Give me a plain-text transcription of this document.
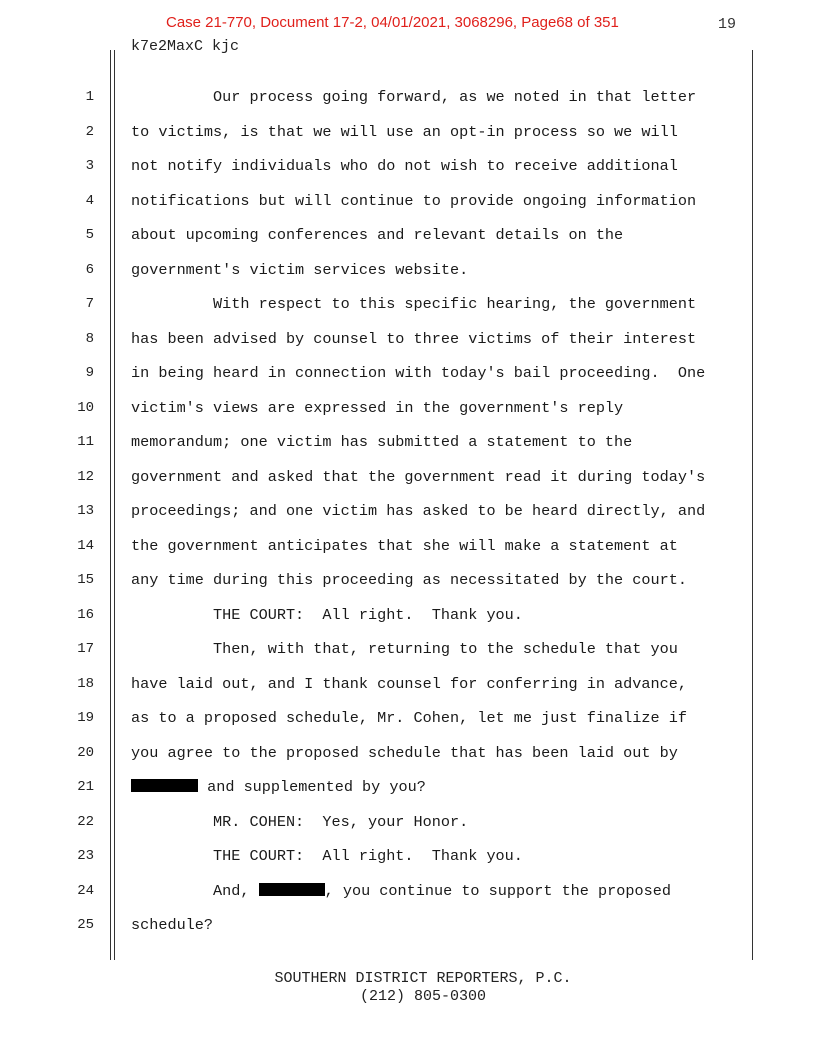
Case 21-770, Document 17-2, 04/01/2021, 3068296, Page68 of 351	19
k7e2MaxC kjc
1 Our process going forward, as we noted in that letter
2 to victims, is that we will use an opt-in process so we will
3 not notify individuals who do not wish to receive additional
4 notifications but will continue to provide ongoing information
5 about upcoming conferences and relevant details on the
6 government's victim services website.
7 With respect to this specific hearing, the government
8 has been advised by counsel to three victims of their interest
9 in being heard in connection with today's bail proceeding.  One
10 victim's views are expressed in the government's reply
11 memorandum; one victim has submitted a statement to the
12 government and asked that the government read it during today's
13 proceedings; and one victim has asked to be heard directly, and
14 the government anticipates that she will make a statement at
15 any time during this proceeding as necessitated by the court.
16 THE COURT:  All right.  Thank you.
17 Then, with that, returning to the schedule that you
18 have laid out, and I thank counsel for conferring in advance,
19 as to a proposed schedule, Mr. Cohen, let me just finalize if
20 you agree to the proposed schedule that has been laid out by
21	and supplemented by you?
22 MR. COHEN:  Yes, your Honor.
23 THE COURT:  All right.  Thank you.
24 And,	, you continue to support the proposed
25 schedule?
SOUTHERN DISTRICT REPORTERS, P.C.
(212) 805-0300
